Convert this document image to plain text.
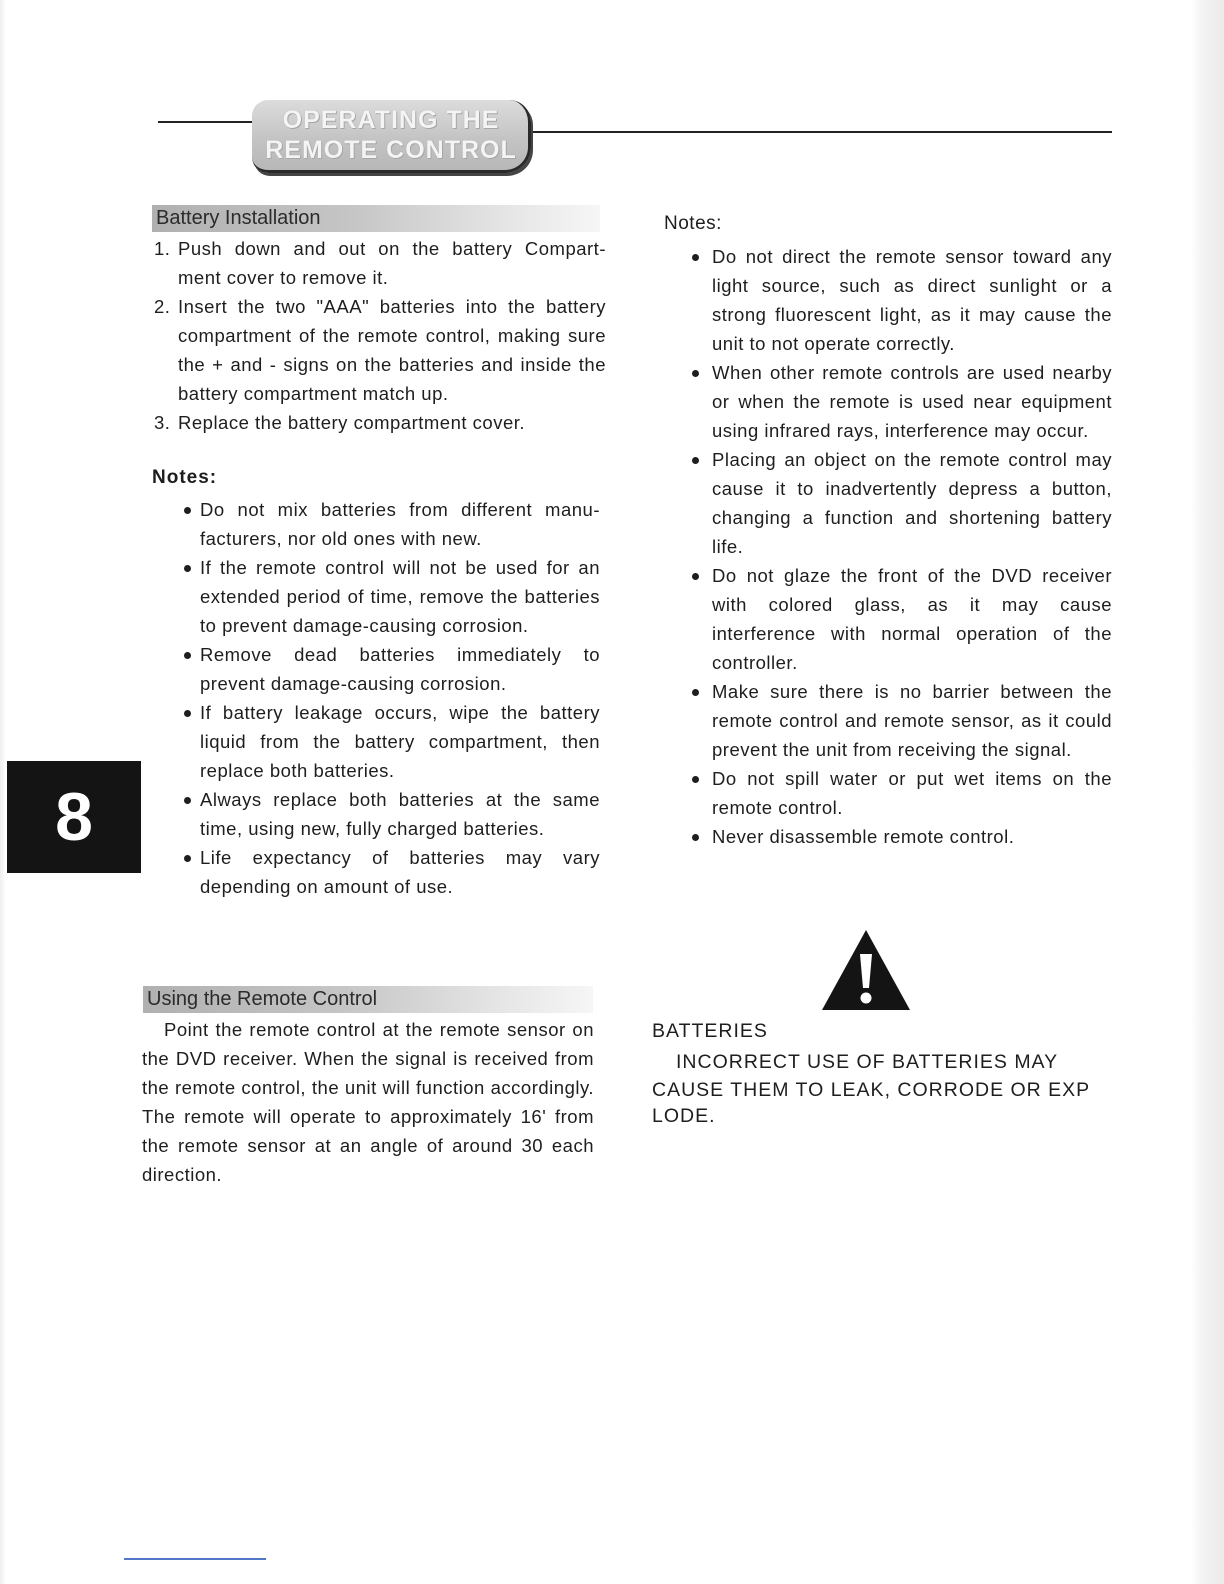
OPERATING THE
REMOTE CONTROL
Battery Installation

1. Push down and out on the battery Compart- ment cover to remove it.

2. Insert the two "AAA" batteries into the battery compartment of the remote control, making sure the + and - signs on the batteries and inside the battery compartment match up.

3. Replace the battery compartment cover.

Notes:
Do not mix batteries from different manu- facturers, nor old ones with new.
If the remote control will not be used for an extended period of time, remove the batteries to prevent damage-causing corrosion.
Remove dead batteries immediately to prevent damage-causing corrosion.
If battery leakage occurs, wipe the battery liquid from the battery compartment, then replace both batteries.
Always replace both batteries at the same time, using new, fully charged batteries.
Life expectancy of batteries may vary depending on amount of use.
8
Using the Remote Control
Point the remote control at the remote sensor on the DVD receiver. When the signal is received from the remote control, the unit will function accordingly. The remote will operate to approximately 16' from the remote sensor at an angle of around 30 each direction.
Notes:
Do not direct the remote sensor toward any light source, such as direct sunlight or a strong fluorescent light, as it may cause the unit to not operate correctly.
When other remote controls are used nearby or when the remote is used near equipment using infrared rays, interference may occur.
Placing an object on the remote control may cause it to inadvertently depress a button, changing a function and shortening battery life.
Do not glaze the front of the DVD receiver with colored glass, as it may cause interference with normal operation of the controller.
Make sure there is no barrier between the remote control and remote sensor, as it could prevent the unit from receiving the signal.
Do not spill water or put wet items on the remote control.
Never disassemble remote control.
BATTERIES
INCORRECT USE OF BATTERIES MAY
CAUSE THEM TO LEAK, CORRODE OR EXP
LODE.
